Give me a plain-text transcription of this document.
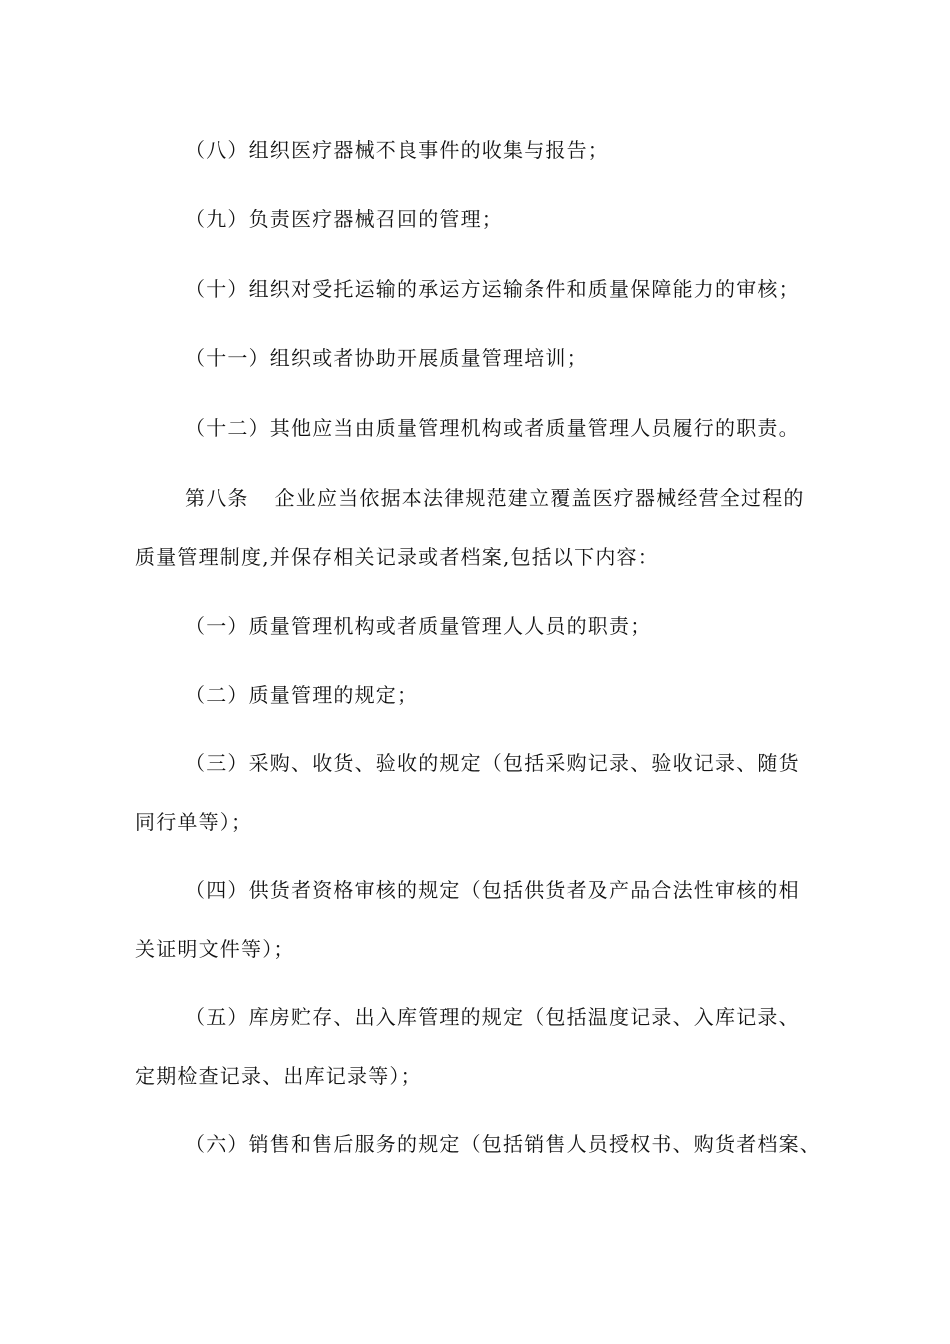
（八）组织医疗器械不良事件的收集与报告；
（九）负责医疗器械召回的管理；
（十）组织对受托运输的承运方运输条件和质量保障能力的审核；
（十一）组织或者协助开展质量管理培训；
（十二）其他应当由质量管理机构或者质量管理人员履行的职责。
第八条 企业应当依据本法律规范建立覆盖医疗器械经营全过程的
质量管理制度,并保存相关记录或者档案,包括以下内容：
（一）质量管理机构或者质量管理人人员的职责；
（二）质量管理的规定；
（三）采购、收货、验收的规定（包括采购记录、验收记录、随货
同行单等）；
（四）供货者资格审核的规定（包括供货者及产品合法性审核的相
关证明文件等）；
（五）库房贮存、出入库管理的规定（包括温度记录、入库记录、
定期检查记录、出库记录等）；
（六）销售和售后服务的规定（包括销售人员授权书、购货者档案、
